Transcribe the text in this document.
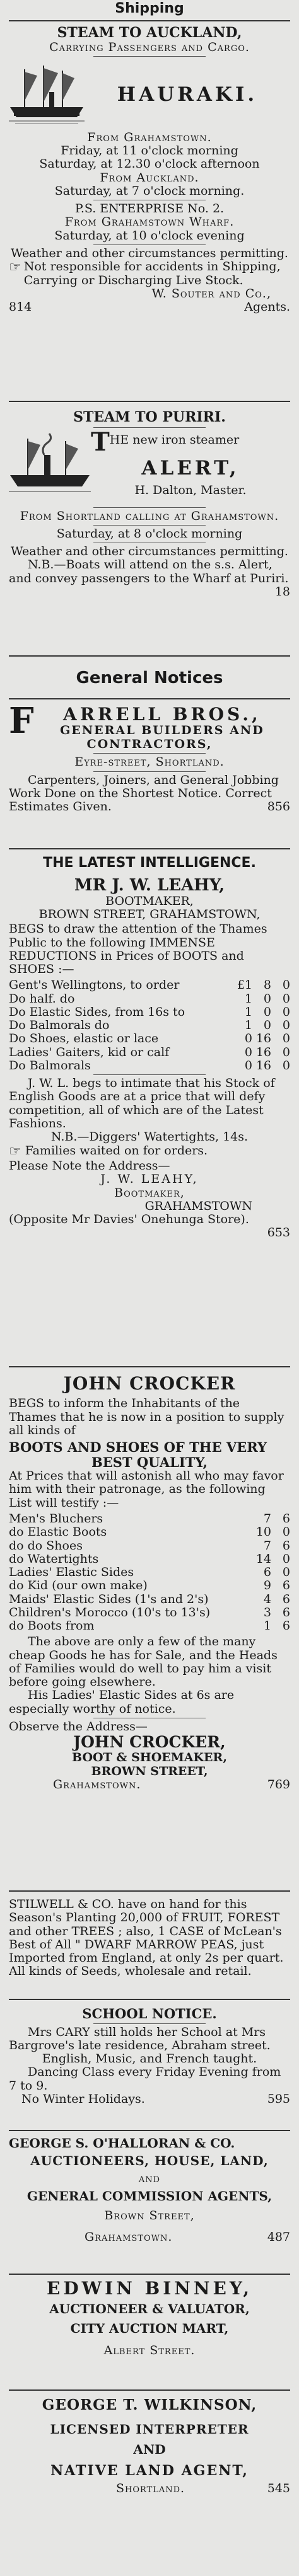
Shipping
STEAM TO AUCKLAND,
Carrying Passengers and Cargo.
HAURAKI.
From Grahamstown.
Friday, at 11 o'clock morning
Saturday, at 12.30 o'clock afternoon
From Auckland.
Saturday, at 7 o'clock morning.
P.S. ENTERPRISE No. 2.
From Grahamstown Wharf.
Saturday, at 10 o'clock evening
Weather and other circumstances permitting.
☞ Not responsible for accidents in Shipping, Carrying or Discharging Live Stock.
W. Souter and Co.,
814	Agents.
STEAM TO PURIRI.
T HE new iron steamer
ALERT,
H. Dalton, Master.
From Shortland calling at Grahamstown.
Saturday, at 8 o'clock morning
Weather and other circumstances permitting.
N.B.—Boats will attend on the s.s. Alert, and convey passengers to the Wharf at Puriri.
18
General Notices
F	ARRELL BROS.,
GENERAL BUILDERS AND
CONTRACTORS,
Eyre-street, Shortland.
Carpenters, Joiners, and General Jobbing Work Done on the Shortest Notice. Correct Estimates Given.	856
THE LATEST INTELLIGENCE.
MR J. W. LEAHY,
BOOTMAKER,
BROWN STREET, GRAHAMSTOWN,
BEGS to draw the attention of the Thames Public to the following IMMENSE REDUCTIONS in Prices of BOOTS and SHOES :—
Gent's Wellingtons, to order	£1 8 0
Do half. do	1 0 0
Do Elastic Sides, from 16s to	1 0 0
Do Balmorals do	1 0 0
Do Shoes, elastic or lace	0 16 0
Ladies' Gaiters, kid or calf	0 16 0
Do Balmorals	0 16 0
J. W. L. begs to intimate that his Stock of English Goods are at a price that will defy competition, all of which are of the Latest Fashions.
N.B.—Diggers' Watertights, 14s.
☞ Families waited on for orders.
Please Note the Address—
J. W. LEAHY,
Bootmaker,
GRAHAMSTOWN
(Opposite Mr Davies' Onehunga Store).
653
JOHN CROCKER
BEGS to inform the Inhabitants of the Thames that he is now in a position to supply all kinds of
BOOTS AND SHOES OF THE VERY
BEST QUALITY,
At Prices that will astonish all who may favor him with their patronage, as the following List will testify :—
Men's Bluchers	7 6
do Elastic Boots	10 0
do do Shoes	7 6
do Watertights	14 0
Ladies' Elastic Sides	6 0
do Kid (our own make)	9 6
Maids' Elastic Sides (1's and 2's)	4 6
Children's Morocco (10's to 13's)	3 6
do Boots from	1 6
The above are only a few of the many cheap Goods he has for Sale, and the Heads of Families would do well to pay him a visit before going elsewhere.
His Ladies' Elastic Sides at 6s are especially worthy of notice.
Observe the Address—
JOHN CROCKER,
BOOT & SHOEMAKER,
BROWN STREET,
Grahamstown.	769
STILWELL & CO. have on hand for this Season's Planting 20,000 of FRUIT, FOREST and other TREES ; also, 1 CASE of McLean's Best of All " DWARF MARROW PEAS, just Imported from England, at only 2s per quart. All kinds of Seeds, wholesale and retail.
SCHOOL NOTICE.
Mrs CARY still holds her School at Mrs Bargrove's late residence, Abraham street.
English, Music, and French taught.
Dancing Class every Friday Evening from 7 to 9.
No Winter Holidays.	595
GEORGE S. O'HALLORAN & CO.
AUCTIONEERS, HOUSE, LAND,
and
GENERAL COMMISSION AGENTS,
Brown Street,
Grahamstown.	487
EDWIN BINNEY,
AUCTIONEER & VALUATOR,
CITY AUCTION MART,
Albert Street.
GEORGE T. WILKINSON,
LICENSED INTERPRETER
AND
NATIVE LAND AGENT,
Shortland.	545
